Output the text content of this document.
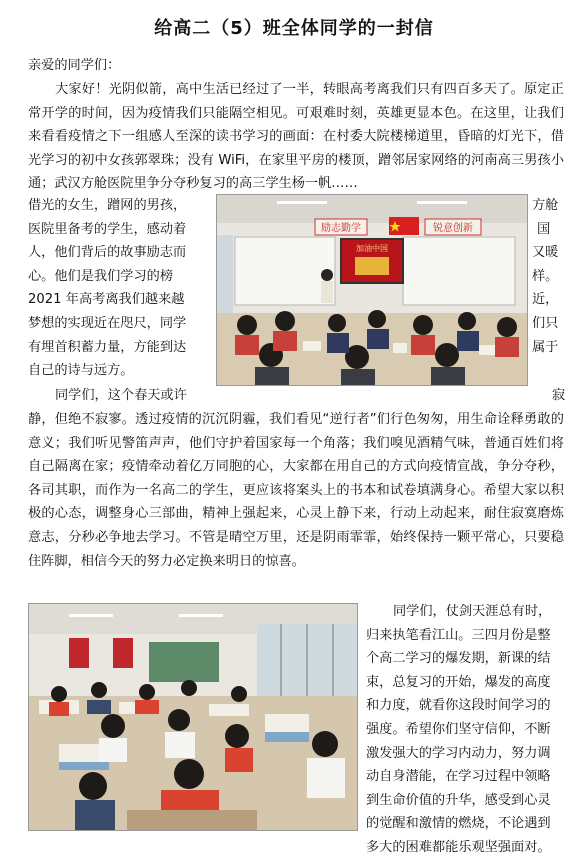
给高二（5）班全体同学的一封信

亲爱的同学们：

大家好！光阴似箭，高中生活已经过了一半，转眼高考离我们只有四百多天了。原定正常开学的时间，因为疫情我们只能隔空相见。可艰难时刻，英雄更显本色。在这里，让我们来看看疫情之下一组感人至深的读书学习的画面：在村委大院楼梯道里，昏暗的灯光下，借光学习的初中女孩郭翠珠；没有 WiFi，在家里平房的楼顶，蹭邻居家网络的河南高三男孩小通；武汉方舱医院里争分夺秒复习的高三学生杨一帆……

借光的女生，蹭网的男孩，
医院里备考的学生，感动着
人，他们背后的故事励志而
心。他们是我们学习的榜
2021 年高考离我们越来越
梦想的实现近在咫尺，同学
有埋首积蓄力量，方能到达
自己的诗与远方。
方舱
国
又暖
样。
近，
们只
属于
励志勤学	锐意创新
加油中国
同学们，这个春天或许	寂

静，但绝不寂寥。透过疫情的沉沉阴霾，我们看见“逆行者”们行色匆匆，用生命诠释勇敢的意义；我们听见警笛声声，他们守护着国家每一个角落；我们嗅见酒精气味，普通百姓们将自己隔离在家；疫情牵动着亿万同胞的心，大家都在用自己的方式向疫情宣战，争分夺秒，各司其职，而作为一名高二的学生，更应该将案头上的书本和试卷填满身心。希望大家以积极的心态，调整身心三部曲，精神上强起来，心灵上静下来，行动上动起来，耐住寂寞磨炼意志，分秒必争地去学习。不管是晴空万里，还是阴雨霏霏，始终保持一颗平常心，只要稳住阵脚，相信今天的努力必定换来明日的惊喜。

同学们，仗剑天涯总有时，
归来执笔看江山。三四月份是整
个高二学习的爆发期，新课的结
束，总复习的开始，爆发的高度
和力度，就看你这段时间学习的
强度。希望你们坚守信仰，不断
激发强大的学习内动力，努力调
动自身潜能，在学习过程中领略
到生命价值的升华，感受到心灵
的觉醒和激情的燃烧，不论遇到
多大的困难都能乐观坚强面对。
